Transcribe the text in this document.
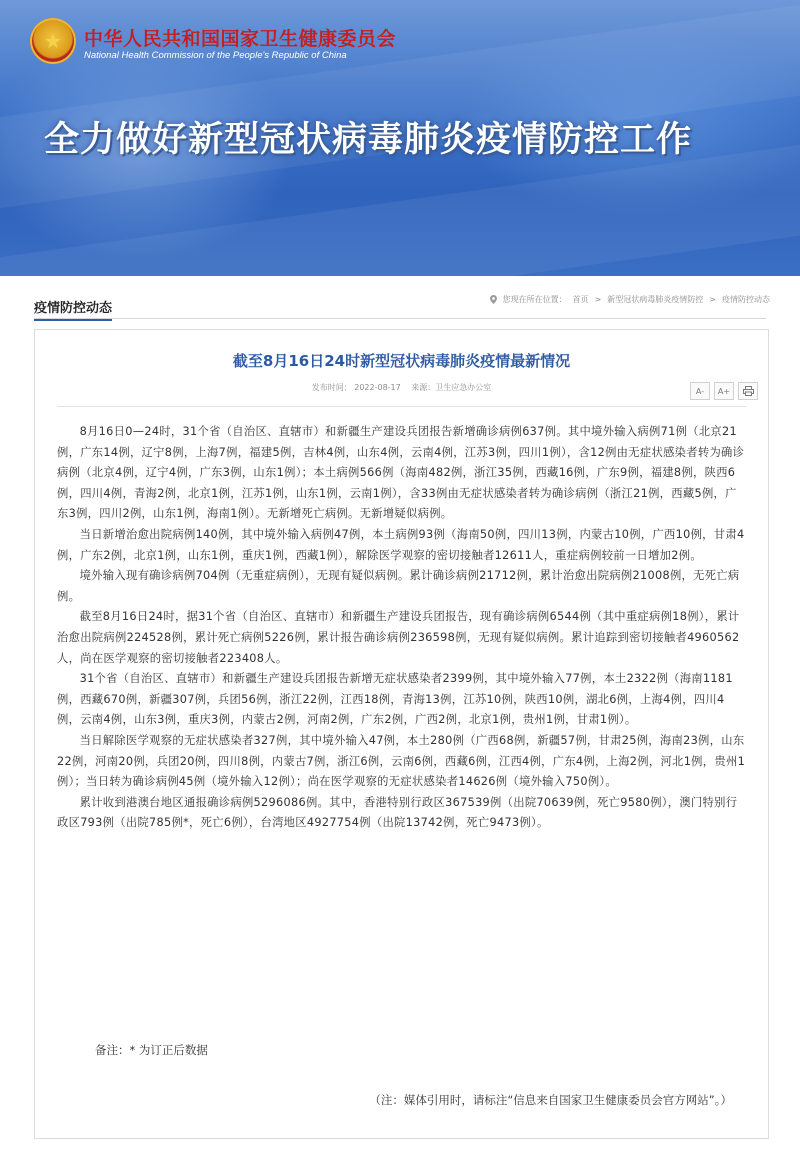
★ 中华人民共和国国家卫生健康委员会
National Health Commission of the People's Republic of China
全力做好新型冠状病毒肺炎疫情防控工作
疫情防控动态
您现在所在位置： 首页 > 新型冠状病毒肺炎疫情防控 > 疫情防控动态
截至8月16日24时新型冠状病毒肺炎疫情最新情况
发布时间： 2022-08-17 来源：卫生应急办公室	A-	A+

8月16日0—24时，31个省（自治区、直辖市）和新疆生产建设兵团报告新增确诊病例637例。其中境外输入病例71例（北京21例，广东14例，辽宁8例，上海7例，福建5例，吉林4例，山东4例，云南4例，江苏3例，四川1例），含12例由无症状感染者转为确诊病例（北京4例，辽宁4例，广东3例，山东1例）；本土病例566例（海南482例，浙江35例，西藏16例，广东9例，福建8例，陕西6例，四川4例，青海2例，北京1例，江苏1例，山东1例，云南1例），含33例由无症状感染者转为确诊病例（浙江21例，西藏5例，广东3例，四川2例，山东1例，海南1例）。无新增死亡病例。无新增疑似病例。

当日新增治愈出院病例140例，其中境外输入病例47例，本土病例93例（海南50例，四川13例，内蒙古10例，广西10例，甘肃4例，广东2例，北京1例，山东1例，重庆1例，西藏1例），解除医学观察的密切接触者12611人，重症病例较前一日增加2例。

境外输入现有确诊病例704例（无重症病例），无现有疑似病例。累计确诊病例21712例，累计治愈出院病例21008例，无死亡病例。

截至8月16日24时，据31个省（自治区、直辖市）和新疆生产建设兵团报告，现有确诊病例6544例（其中重症病例18例），累计治愈出院病例224528例，累计死亡病例5226例，累计报告确诊病例236598例，无现有疑似病例。累计追踪到密切接触者4960562人，尚在医学观察的密切接触者223408人。

31个省（自治区、直辖市）和新疆生产建设兵团报告新增无症状感染者2399例，其中境外输入77例，本土2322例（海南1181例，西藏670例，新疆307例，兵团56例，浙江22例，江西18例，青海13例，江苏10例，陕西10例，湖北6例，上海4例，四川4例，云南4例，山东3例，重庆3例，内蒙古2例，河南2例，广东2例，广西2例，北京1例，贵州1例，甘肃1例）。

当日解除医学观察的无症状感染者327例，其中境外输入47例，本土280例（广西68例，新疆57例，甘肃25例，海南23例，山东22例，河南20例，兵团20例，四川8例，内蒙古7例，浙江6例，云南6例，西藏6例，江西4例，广东4例，上海2例，河北1例，贵州1例）；当日转为确诊病例45例（境外输入12例）；尚在医学观察的无症状感染者14626例（境外输入750例）。

累计收到港澳台地区通报确诊病例5296086例。其中，香港特别行政区367539例（出院70639例，死亡9580例），澳门特别行政区793例（出院785例*，死亡6例），台湾地区4927754例（出院13742例，死亡9473例）。

备注：* 为订正后数据
（注：媒体引用时，请标注“信息来自国家卫生健康委员会官方网站”。）
